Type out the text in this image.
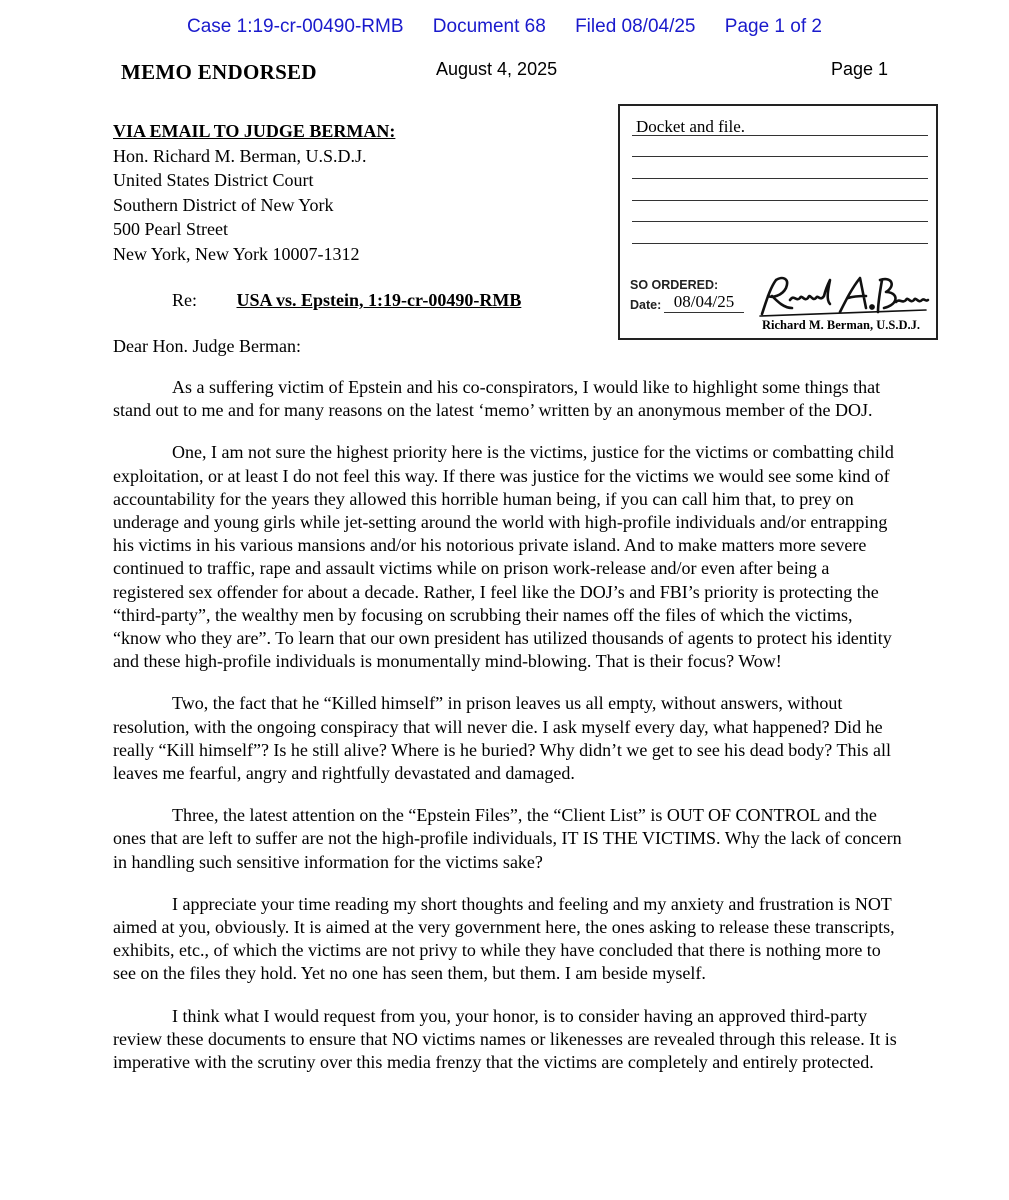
Case 1:19-cr-00490-RMB Document 68 Filed 08/04/25 Page 1 of 2
MEMO ENDORSED	August 4, 2025	Page 1
VIA EMAIL TO JUDGE BERMAN:
Hon. Richard M. Berman, U.S.D.J.
United States District Court
Southern District of New York
500 Pearl Street
New York, New York 10007-1312
Re: USA vs. Epstein, 1:19-cr-00490-RMB
Docket and file.
SO ORDERED:
Date: 08/04/25
Richard M. Berman, U.S.D.J.
Dear Hon. Judge Berman:

As a suffering victim of Epstein and his co-conspirators, I would like to highlight some things that stand out to me and for many reasons on the latest ‘memo’ written by an anonymous member of the DOJ.

One, I am not sure the highest priority here is the victims, justice for the victims or combatting child exploitation, or at least I do not feel this way. If there was justice for the victims we would see some kind of accountability for the years they allowed this horrible human being, if you can call him that, to prey on underage and young girls while jet-setting around the world with high-profile individuals and/or entrapping his victims in his various mansions and/or his notorious private island. And to make matters more severe continued to traffic, rape and assault victims while on prison work-release and/or even after being a registered sex offender for about a decade. Rather, I feel like the DOJ’s and FBI’s priority is protecting the “third-party”, the wealthy men by focusing on scrubbing their names off the files of which the victims, “know who they are”. To learn that our own president has utilized thousands of agents to protect his identity and these high-profile individuals is monumentally mind-blowing. That is their focus? Wow!

Two, the fact that he “Killed himself” in prison leaves us all empty, without answers, without resolution, with the ongoing conspiracy that will never die. I ask myself every day, what happened? Did he really “Kill himself”? Is he still alive? Where is he buried? Why didn’t we get to see his dead body? This all leaves me fearful, angry and rightfully devastated and damaged.

Three, the latest attention on the “Epstein Files”, the “Client List” is OUT OF CONTROL and the ones that are left to suffer are not the high-profile individuals, IT IS THE VICTIMS. Why the lack of concern in handling such sensitive information for the victims sake?

I appreciate your time reading my short thoughts and feeling and my anxiety and frustration is NOT aimed at you, obviously. It is aimed at the very government here, the ones asking to release these transcripts, exhibits, etc., of which the victims are not privy to while they have concluded that there is nothing more to see on the files they hold. Yet no one has seen them, but them. I am beside myself.

I think what I would request from you, your honor, is to consider having an approved third-party review these documents to ensure that NO victims names or likenesses are revealed through this release. It is imperative with the scrutiny over this media frenzy that the victims are completely and entirely protected.
